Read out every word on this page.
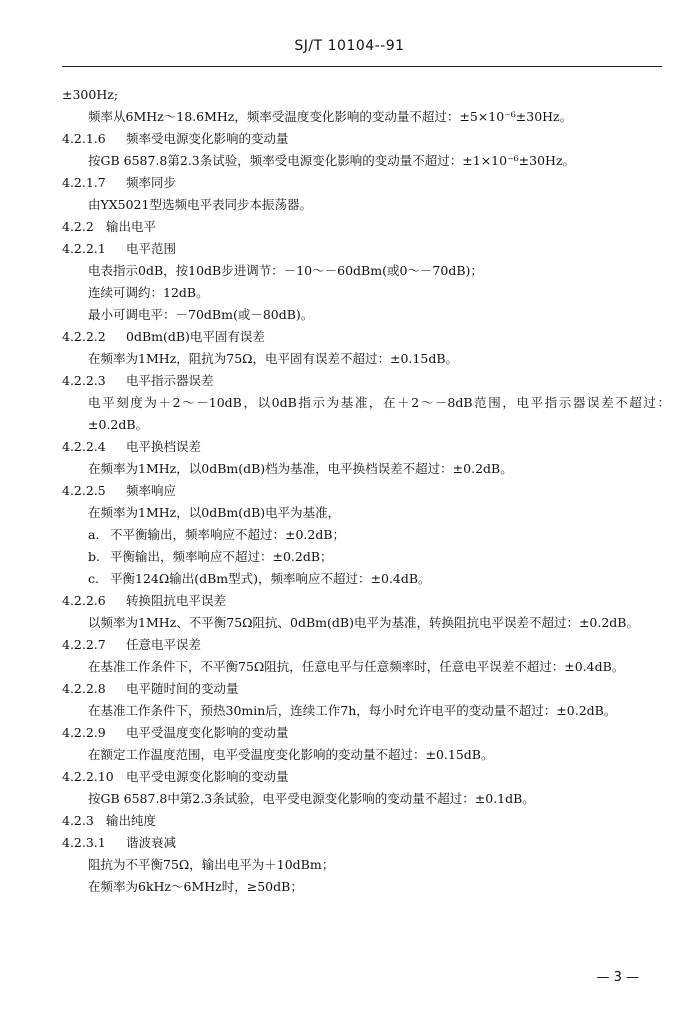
SJ/T 10104--91
±300Hz;
频率从6MHz～18.6MHz，频率受温度变化影响的变动量不超过：±5×10⁻⁶±30Hz。
4.2.1.6 频率受电源变化影响的变动量
按GB 6587.8第2.3条试验，频率受电源变化影响的变动量不超过：±1×10⁻⁶±30Hz。
4.2.1.7 频率同步
由YX5021型选频电平表同步本振荡器。
4.2.2 输出电平
4.2.2.1 电平范围
电表指示0dB，按10dB步进调节：－10～－60dBm(或0～－70dB)；
连续可调约：12dB。
最小可调电平：－70dBm(或－80dB)。
4.2.2.2 0dBm(dB)电平固有误差
在频率为1MHz，阻抗为75Ω，电平固有误差不超过：±0.15dB。
4.2.2.3 电平指示器误差
电平刻度为＋2～－10dB，以0dB指示为基准，在＋2～－8dB范围，电平指示器误差不超过：±0.2dB。
4.2.2.4 电平换档误差
在频率为1MHz，以0dBm(dB)档为基准，电平换档误差不超过：±0.2dB。
4.2.2.5 频率响应
在频率为1MHz，以0dBm(dB)电平为基准，
a. 不平衡输出，频率响应不超过：±0.2dB；
b. 平衡输出，频率响应不超过：±0.2dB；
c. 平衡124Ω输出(dBm型式)，频率响应不超过：±0.4dB。
4.2.2.6 转换阻抗电平误差
以频率为1MHz、不平衡75Ω阻抗、0dBm(dB)电平为基准，转换阻抗电平误差不超过：±0.2dB。
4.2.2.7 任意电平误差
在基准工作条件下，不平衡75Ω阻抗，任意电平与任意频率时，任意电平误差不超过：±0.4dB。
4.2.2.8 电平随时间的变动量
在基准工作条件下，预热30min后，连续工作7h，每小时允许电平的变动量不超过：±0.2dB。
4.2.2.9 电平受温度变化影响的变动量
在额定工作温度范围，电平受温度变化影响的变动量不超过：±0.15dB。
4.2.2.10 电平受电源变化影响的变动量
按GB 6587.8中第2.3条试验，电平受电源变化影响的变动量不超过：±0.1dB。
4.2.3 输出纯度
4.2.3.1 谐波衰减
阻抗为不平衡75Ω，输出电平为＋10dBm；
在频率为6kHz～6MHz时，≥50dB；
— 3 —
